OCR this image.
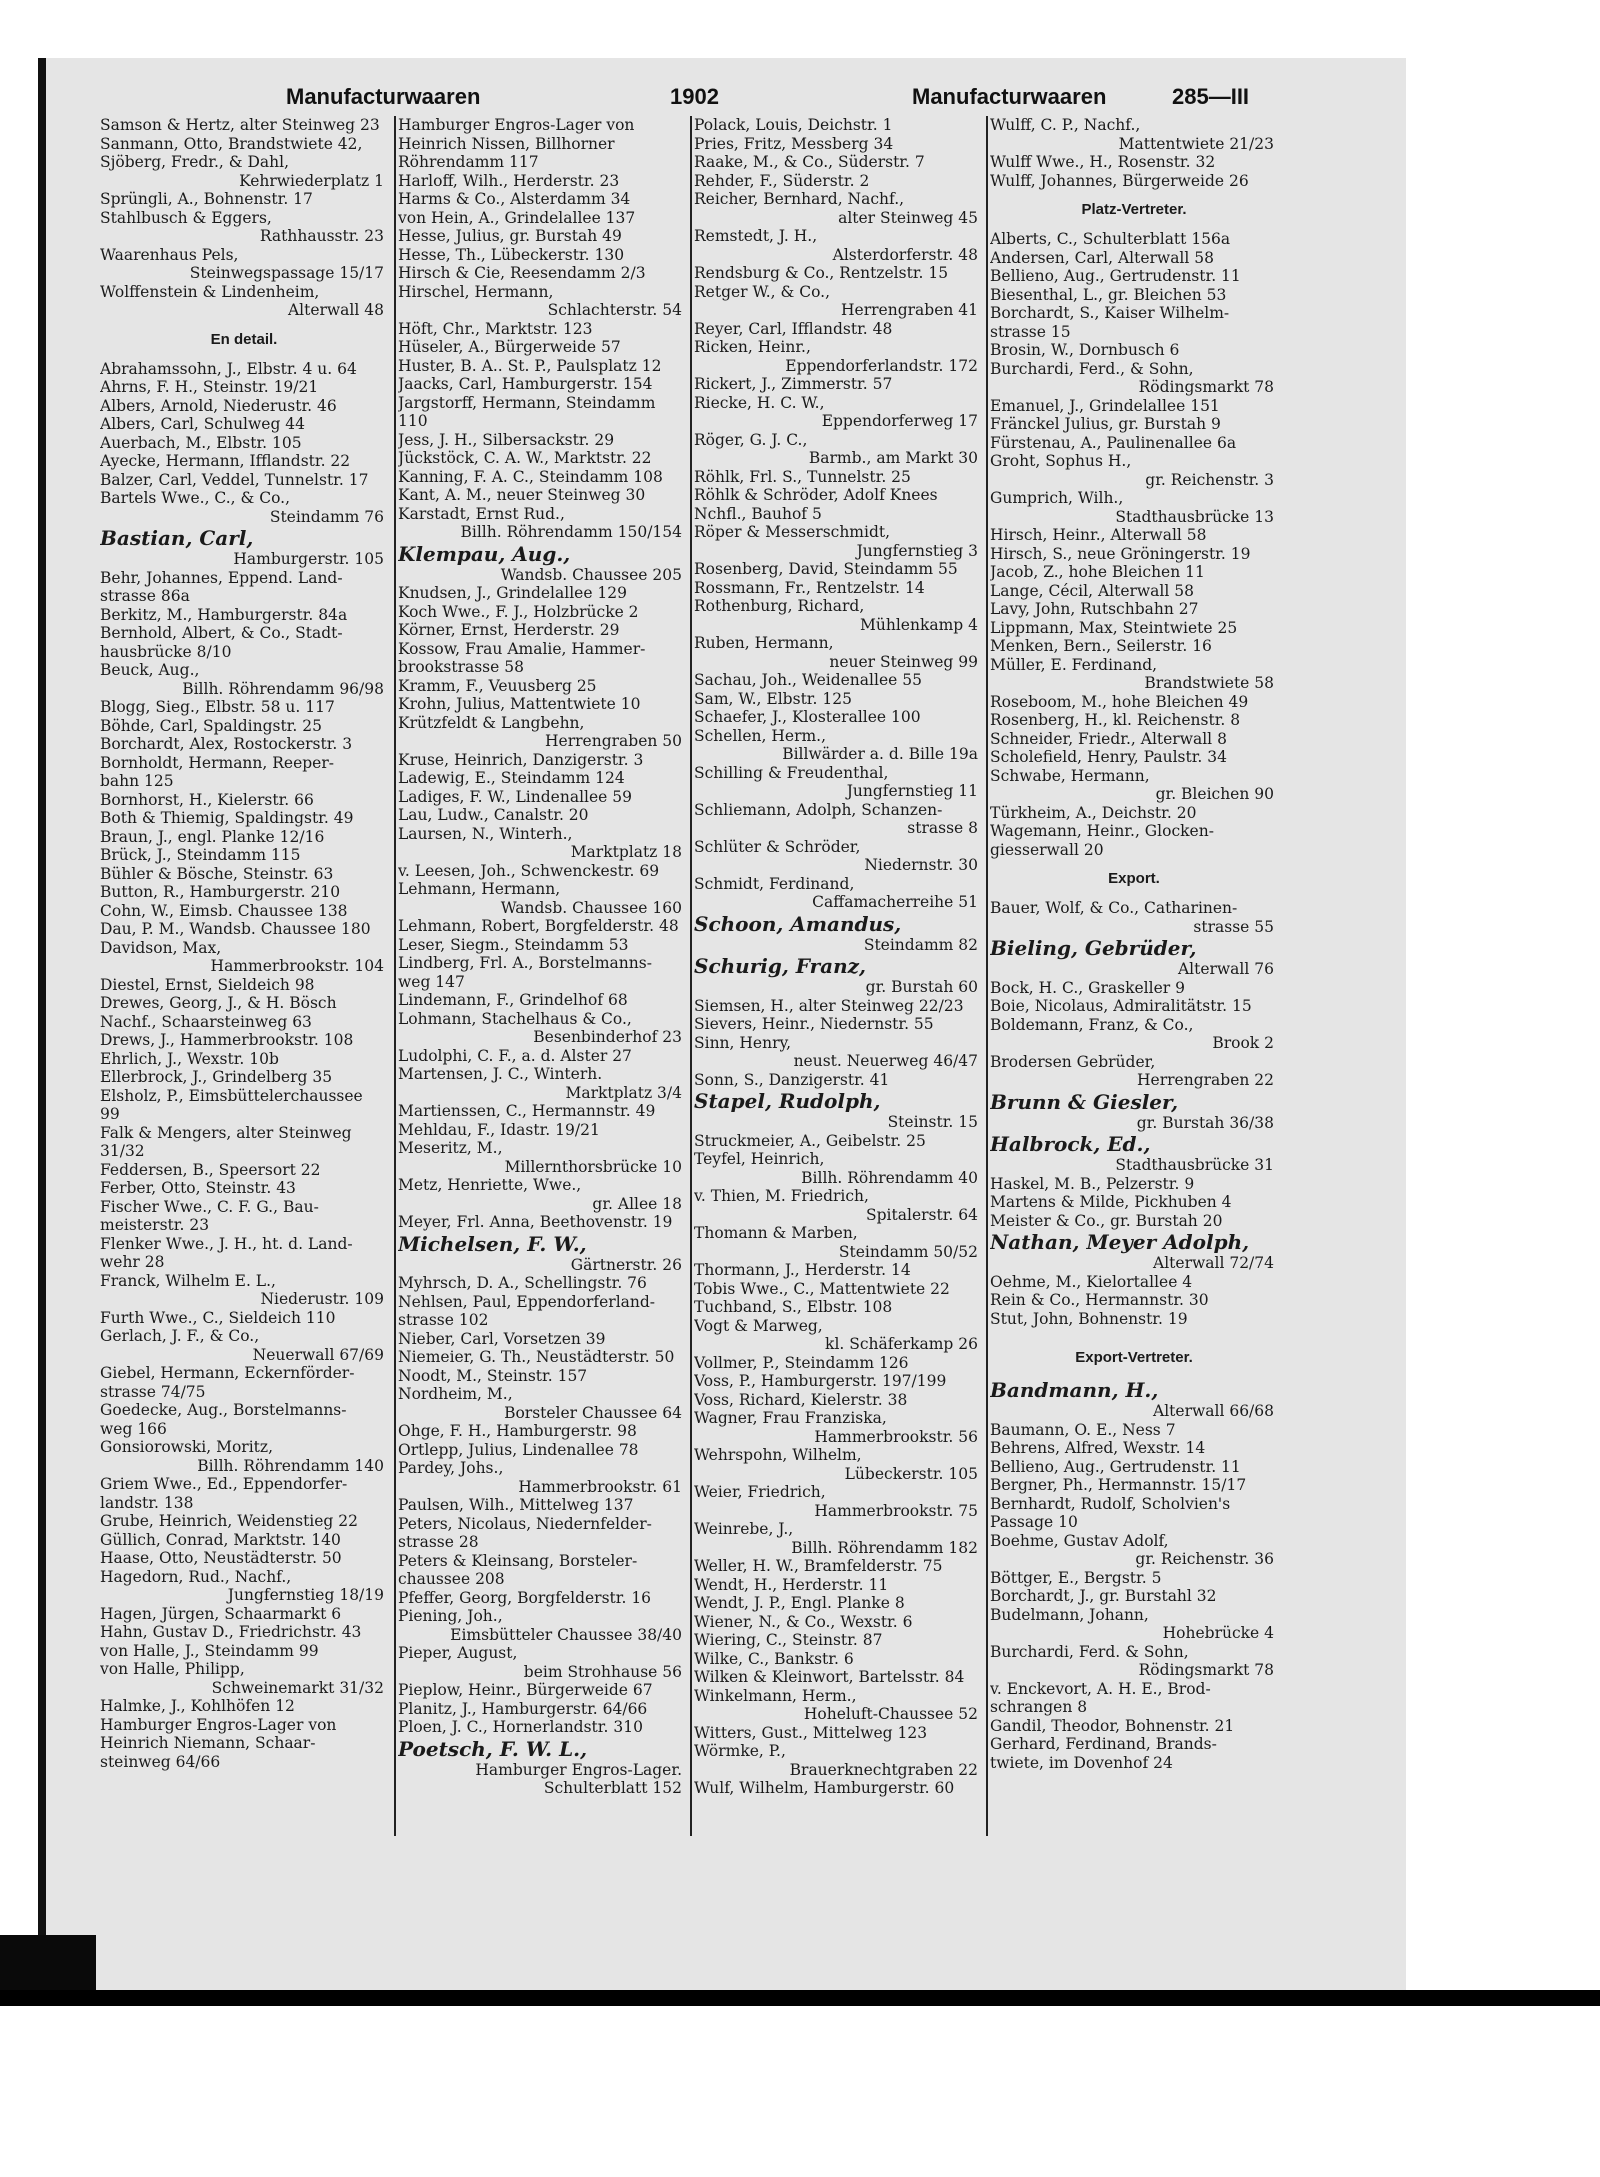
Manufacturwaaren	1902	Manufacturwaaren	285—III
Samson & Hertz, alter Steinweg 23
Sanmann, Otto, Brandstwiete 42,
Sjöberg, Fredr., & Dahl,
Kehrwiederplatz 1
Sprüngli, A., Bohnenstr. 17
Stahlbusch & Eggers,
Rathhausstr. 23
Waarenhaus Pels,
Steinwegspassage 15/17
Wolffenstein & Lindenheim,
Alterwall 48
En detail.
Abrahamssohn, J., Elbstr. 4 u. 64
Ahrns, F. H., Steinstr. 19/21
Albers, Arnold, Niederustr. 46
Albers, Carl, Schulweg 44
Auerbach, M., Elbstr. 105
Ayecke, Hermann, Ifflandstr. 22
Balzer, Carl, Veddel, Tunnelstr. 17
Bartels Wwe., C., & Co.,
Steindamm 76
Bastian, Carl,
Hamburgerstr. 105
Behr, Johannes, Eppend. Land-
strasse 86a
Berkitz, M., Hamburgerstr. 84a
Bernhold, Albert, & Co., Stadt-
hausbrücke 8/10
Beuck, Aug.,
Billh. Röhrendamm 96/98
Blogg, Sieg., Elbstr. 58 u. 117
Böhde, Carl, Spaldingstr. 25
Borchardt, Alex, Rostockerstr. 3
Bornholdt, Hermann, Reeper-
bahn 125
Bornhorst, H., Kielerstr. 66
Both & Thiemig, Spaldingstr. 49
Braun, J., engl. Planke 12/16
Brück, J., Steindamm 115
Bühler & Bösche, Steinstr. 63
Button, R., Hamburgerstr. 210
Cohn, W., Eimsb. Chaussee 138
Dau, P. M., Wandsb. Chaussee 180
Davidson, Max,
Hammerbrookstr. 104
Diestel, Ernst, Sieldeich 98
Drewes, Georg, J., & H. Bösch
Nachf., Schaarsteinweg 63
Drews, J., Hammerbrookstr. 108
Ehrlich, J., Wexstr. 10b
Ellerbrock, J., Grindelberg 35
Elsholz, P., Eimsbüttelerchaussee
99
Falk & Mengers, alter Steinweg
31/32
Feddersen, B., Speersort 22
Ferber, Otto, Steinstr. 43
Fischer Wwe., C. F. G., Bau-
meisterstr. 23
Flenker Wwe., J. H., ht. d. Land-
wehr 28
Franck, Wilhelm E. L.,
Niederustr. 109
Furth Wwe., C., Sieldeich 110
Gerlach, J. F., & Co.,
Neuerwall 67/69
Giebel, Hermann, Eckernförder-
strasse 74/75
Goedecke, Aug., Borstelmanns-
weg 166
Gonsiorowski, Moritz,
Billh. Röhrendamm 140
Griem Wwe., Ed., Eppendorfer-
landstr. 138
Grube, Heinrich, Weidenstieg 22
Güllich, Conrad, Marktstr. 140
Haase, Otto, Neustädterstr. 50
Hagedorn, Rud., Nachf.,
Jungfernstieg 18/19
Hagen, Jürgen, Schaarmarkt 6
Hahn, Gustav D., Friedrichstr. 43
von Halle, J., Steindamm 99
von Halle, Philipp,
Schweinemarkt 31/32
Halmke, J., Kohlhöfen 12
Hamburger Engros-Lager von
Heinrich Niemann, Schaar-
steinweg 64/66
Hamburger Engros-Lager von
Heinrich Nissen, Billhorner
Röhrendamm 117
Harloff, Wilh., Herderstr. 23
Harms & Co., Alsterdamm 34
von Hein, A., Grindelallee 137
Hesse, Julius, gr. Burstah 49
Hesse, Th., Lübeckerstr. 130
Hirsch & Cie, Reesendamm 2/3
Hirschel, Hermann,
Schlachterstr. 54
Höft, Chr., Marktstr. 123
Hüseler, A., Bürgerweide 57
Huster, B. A.. St. P., Paulsplatz 12
Jaacks, Carl, Hamburgerstr. 154
Jargstorff, Hermann, Steindamm
110
Jess, J. H., Silbersackstr. 29
Jückstöck, C. A. W., Marktstr. 22
Kanning, F. A. C., Steindamm 108
Kant, A. M., neuer Steinweg 30
Karstadt, Ernst Rud.,
Billh. Röhrendamm 150/154
Klempau, Aug.,
Wandsb. Chaussee 205
Knudsen, J., Grindelallee 129
Koch Wwe., F. J., Holzbrücke 2
Körner, Ernst, Herderstr. 29
Kossow, Frau Amalie, Hammer-
brookstrasse 58
Kramm, F., Veuusberg 25
Krohn, Julius, Mattentwiete 10
Krützfeldt & Langbehn,
Herrengraben 50
Kruse, Heinrich, Danzigerstr. 3
Ladewig, E., Steindamm 124
Ladiges, F. W., Lindenallee 59
Lau, Ludw., Canalstr. 20
Laursen, N., Winterh.,
Marktplatz 18
v. Leesen, Joh., Schwenckestr. 69
Lehmann, Hermann,
Wandsb. Chaussee 160
Lehmann, Robert, Borgfelderstr. 48
Leser, Siegm., Steindamm 53
Lindberg, Frl. A., Borstelmanns-
weg 147
Lindemann, F., Grindelhof 68
Lohmann, Stachelhaus & Co.,
Besenbinderhof 23
Ludolphi, C. F., a. d. Alster 27
Martensen, J. C., Winterh.
Marktplatz 3/4
Martienssen, C., Hermannstr. 49
Mehldau, F., Idastr. 19/21
Meseritz, M.,
Millernthorsbrücke 10
Metz, Henriette, Wwe.,
gr. Allee 18
Meyer, Frl. Anna, Beethovenstr. 19
Michelsen, F. W.,
Gärtnerstr. 26
Myhrsch, D. A., Schellingstr. 76
Nehlsen, Paul, Eppendorferland-
strasse 102
Nieber, Carl, Vorsetzen 39
Niemeier, G. Th., Neustädterstr. 50
Noodt, M., Steinstr. 157
Nordheim, M.,
Borsteler Chaussee 64
Ohge, F. H., Hamburgerstr. 98
Ortlepp, Julius, Lindenallee 78
Pardey, Johs.,
Hammerbrookstr. 61
Paulsen, Wilh., Mittelweg 137
Peters, Nicolaus, Niedernfelder-
strasse 28
Peters & Kleinsang, Borsteler-
chaussee 208
Pfeffer, Georg, Borgfelderstr. 16
Piening, Joh.,
Eimsbütteler Chaussee 38/40
Pieper, August,
beim Strohhause 56
Pieplow, Heinr., Bürgerweide 67
Planitz, J., Hamburgerstr. 64/66
Ploen, J. C., Hornerlandstr. 310
Poetsch, F. W. L.,
Hamburger Engros-Lager.
Schulterblatt 152
Polack, Louis, Deichstr. 1
Pries, Fritz, Messberg 34
Raake, M., & Co., Süderstr. 7
Rehder, F., Süderstr. 2
Reicher, Bernhard, Nachf.,
alter Steinweg 45
Remstedt, J. H.,
Alsterdorferstr. 48
Rendsburg & Co., Rentzelstr. 15
Retger W., & Co.,
Herrengraben 41
Reyer, Carl, Ifflandstr. 48
Ricken, Heinr.,
Eppendorferlandstr. 172
Rickert, J., Zimmerstr. 57
Riecke, H. C. W.,
Eppendorferweg 17
Röger, G. J. C.,
Barmb., am Markt 30
Röhlk, Frl. S., Tunnelstr. 25
Röhlk & Schröder, Adolf Knees
Nchfl., Bauhof 5
Röper & Messerschmidt,
Jungfernstieg 3
Rosenberg, David, Steindamm 55
Rossmann, Fr., Rentzelstr. 14
Rothenburg, Richard,
Mühlenkamp 4
Ruben, Hermann,
neuer Steinweg 99
Sachau, Joh., Weidenallee 55
Sam, W., Elbstr. 125
Schaefer, J., Klosterallee 100
Schellen, Herm.,
Billwärder a. d. Bille 19a
Schilling & Freudenthal,
Jungfernstieg 11
Schliemann, Adolph, Schanzen-
strasse 8
Schlüter & Schröder,
Niedernstr. 30
Schmidt, Ferdinand,
Caffamacherreihe 51
Schoon, Amandus,
Steindamm 82
Schurig, Franz,
gr. Burstah 60
Siemsen, H., alter Steinweg 22/23
Sievers, Heinr., Niedernstr. 55
Sinn, Henry,
neust. Neuerweg 46/47
Sonn, S., Danzigerstr. 41
Stapel, Rudolph,
Steinstr. 15
Struckmeier, A., Geibelstr. 25
Teyfel, Heinrich,
Billh. Röhrendamm 40
v. Thien, M. Friedrich,
Spitalerstr. 64
Thomann & Marben,
Steindamm 50/52
Thormann, J., Herderstr. 14
Tobis Wwe., C., Mattentwiete 22
Tuchband, S., Elbstr. 108
Vogt & Marweg,
kl. Schäferkamp 26
Vollmer, P., Steindamm 126
Voss, P., Hamburgerstr. 197/199
Voss, Richard, Kielerstr. 38
Wagner, Frau Franziska,
Hammerbrookstr. 56
Wehrspohn, Wilhelm,
Lübeckerstr. 105
Weier, Friedrich,
Hammerbrookstr. 75
Weinrebe, J.,
Billh. Röhrendamm 182
Weller, H. W., Bramfelderstr. 75
Wendt, H., Herderstr. 11
Wendt, J. P., Engl. Planke 8
Wiener, N., & Co., Wexstr. 6
Wiering, C., Steinstr. 87
Wilke, C., Bankstr. 6
Wilken & Kleinwort, Bartelsstr. 84
Winkelmann, Herm.,
Hoheluft-Chaussee 52
Witters, Gust., Mittelweg 123
Wörmke, P.,
Brauerknechtgraben 22
Wulf, Wilhelm, Hamburgerstr. 60
Wulff, C. P., Nachf.,
Mattentwiete 21/23
Wulff Wwe., H., Rosenstr. 32
Wulff, Johannes, Bürgerweide 26
Platz-Vertreter.
Alberts, C., Schulterblatt 156a
Andersen, Carl, Alterwall 58
Bellieno, Aug., Gertrudenstr. 11
Biesenthal, L., gr. Bleichen 53
Borchardt, S., Kaiser Wilhelm-
strasse 15
Brosin, W., Dornbusch 6
Burchardi, Ferd., & Sohn,
Rödingsmarkt 78
Emanuel, J., Grindelallee 151
Fränckel Julius, gr. Burstah 9
Fürstenau, A., Paulinenallee 6a
Groht, Sophus H.,
gr. Reichenstr. 3
Gumprich, Wilh.,
Stadthausbrücke 13
Hirsch, Heinr., Alterwall 58
Hirsch, S., neue Gröningerstr. 19
Jacob, Z., hohe Bleichen 11
Lange, Cécil, Alterwall 58
Lavy, John, Rutschbahn 27
Lippmann, Max, Steintwiete 25
Menken, Bern., Seilerstr. 16
Müller, E. Ferdinand,
Brandstwiete 58
Roseboom, M., hohe Bleichen 49
Rosenberg, H., kl. Reichenstr. 8
Schneider, Friedr., Alterwall 8
Scholefield, Henry, Paulstr. 34
Schwabe, Hermann,
gr. Bleichen 90
Türkheim, A., Deichstr. 20
Wagemann, Heinr., Glocken-
giesserwall 20
Export.
Bauer, Wolf, & Co., Catharinen-
strasse 55
Bieling, Gebrüder,
Alterwall 76
Bock, H. C., Graskeller 9
Boie, Nicolaus, Admiralitätstr. 15
Boldemann, Franz, & Co.,
Brook 2
Brodersen Gebrüder,
Herrengraben 22
Brunn & Giesler,
gr. Burstah 36/38
Halbrock, Ed.,
Stadthausbrücke 31
Haskel, M. B., Pelzerstr. 9
Martens & Milde, Pickhuben 4
Meister & Co., gr. Burstah 20
Nathan, Meyer Adolph,
Alterwall 72/74
Oehme, M., Kielortallee 4
Rein & Co., Hermannstr. 30
Stut, John, Bohnenstr. 19
Export-Vertreter.
Bandmann, H.,
Alterwall 66/68
Baumann, O. E., Ness 7
Behrens, Alfred, Wexstr. 14
Bellieno, Aug., Gertrudenstr. 11
Bergner, Ph., Hermannstr. 15/17
Bernhardt, Rudolf, Scholvien's
Passage 10
Boehme, Gustav Adolf,
gr. Reichenstr. 36
Böttger, E., Bergstr. 5
Borchardt, J., gr. Burstahl 32
Budelmann, Johann,
Hohebrücke 4
Burchardi, Ferd. & Sohn,
Rödingsmarkt 78
v. Enckevort, A. H. E., Brod-
schrangen 8
Gandil, Theodor, Bohnenstr. 21
Gerhard, Ferdinand, Brands-
twiete, im Dovenhof 24
